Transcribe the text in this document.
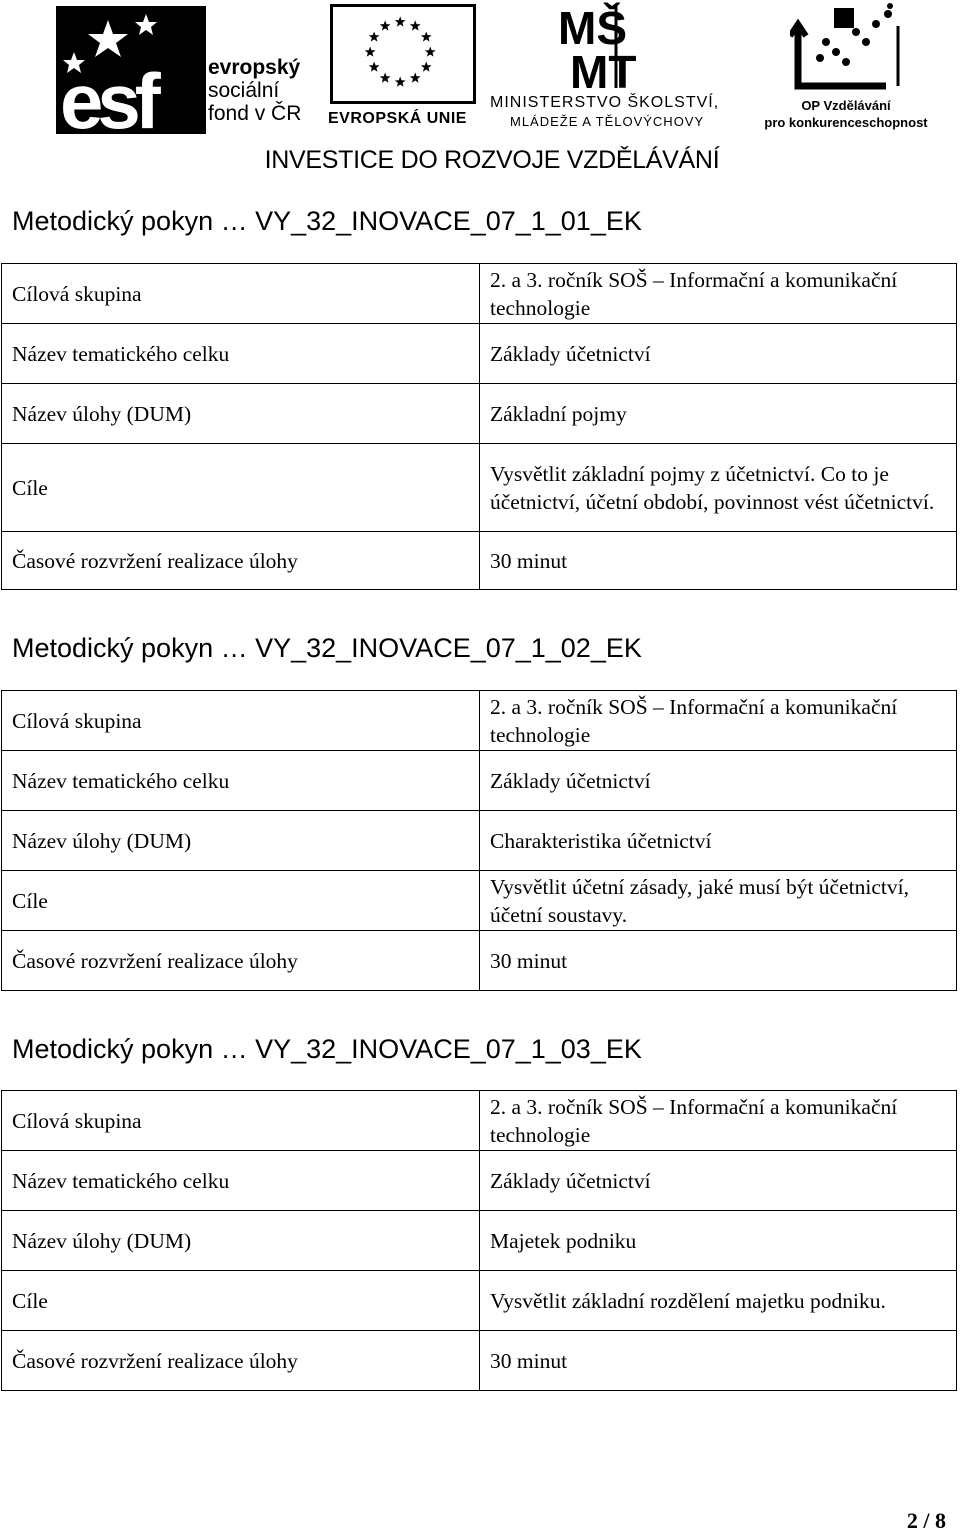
esf	evropský
sociální
fond v ČR EVROPSKÁ UNIE
MŠ
MT
MINISTERSTVO ŠKOLSTVÍ,
MLÁDEŽE A TĚLOVÝCHOVY
OP Vzdělávání
pro konkurenceschopnost
INVESTICE DO ROZVOJE VZDĚLÁVÁNÍ
Metodický pokyn … VY_32_INOVACE_07_1_01_EK
Cílová skupina	2. a 3. ročník SOŠ – Informační a komunikační technologie
Název tematického celku	Základy účetnictví
Název úlohy (DUM)	Základní pojmy
Cíle	Vysvětlit základní pojmy z účetnictví. Co to je účetnictví, účetní období, povinnost vést účetnictví.
Časové rozvržení realizace úlohy	30 minut
Metodický pokyn … VY_32_INOVACE_07_1_02_EK
Cílová skupina	2. a 3. ročník SOŠ – Informační a komunikační technologie
Název tematického celku	Základy účetnictví
Název úlohy (DUM)	Charakteristika účetnictví
Cíle	Vysvětlit účetní zásady, jaké musí být účetnictví, účetní soustavy.
Časové rozvržení realizace úlohy	30 minut
Metodický pokyn … VY_32_INOVACE_07_1_03_EK
Cílová skupina	2. a 3. ročník SOŠ – Informační a komunikační technologie
Název tematického celku	Základy účetnictví
Název úlohy (DUM)	Majetek podniku
Cíle	Vysvětlit základní rozdělení majetku podniku.
Časové rozvržení realizace úlohy	30 minut
2 / 8
